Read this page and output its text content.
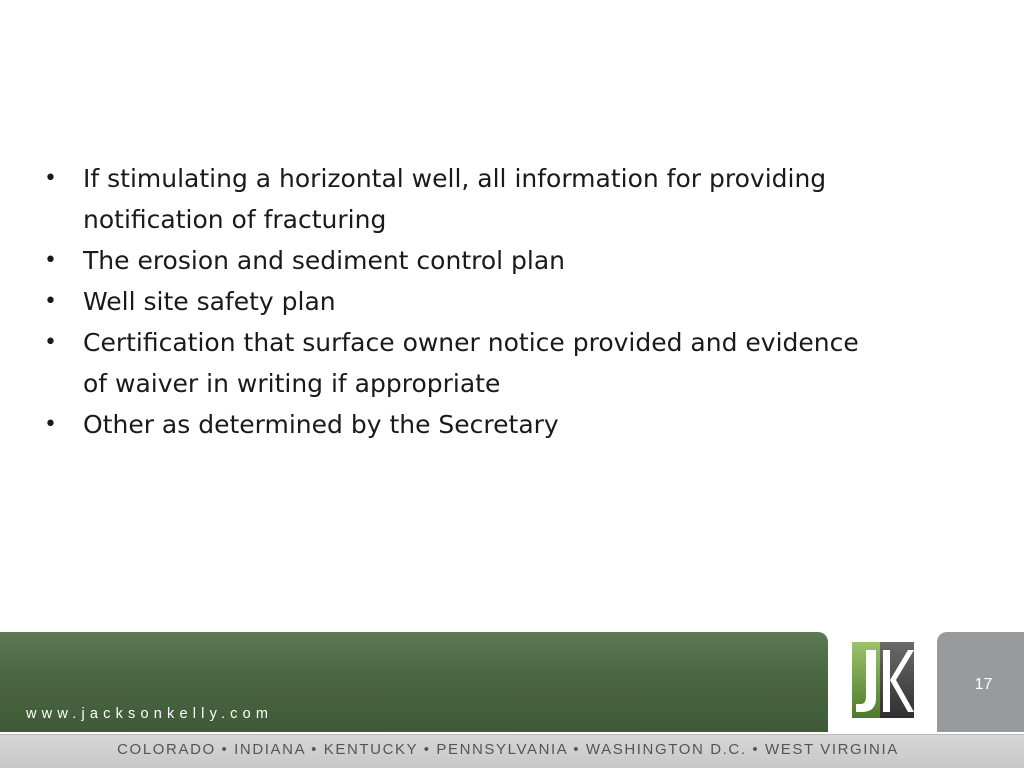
• If stimulating a horizontal well, all information for providing
notification of fracturing
• The erosion and sediment control plan
• Well site safety plan
• Certification that surface owner notice provided and evidence
of waiver in writing if appropriate
• Other as determined by the Secretary
www.jacksonkelly.com
17
COLORADO • INDIANA • KENTUCKY • PENNSYLVANIA • WASHINGTON D.C. • WEST VIRGINIA
